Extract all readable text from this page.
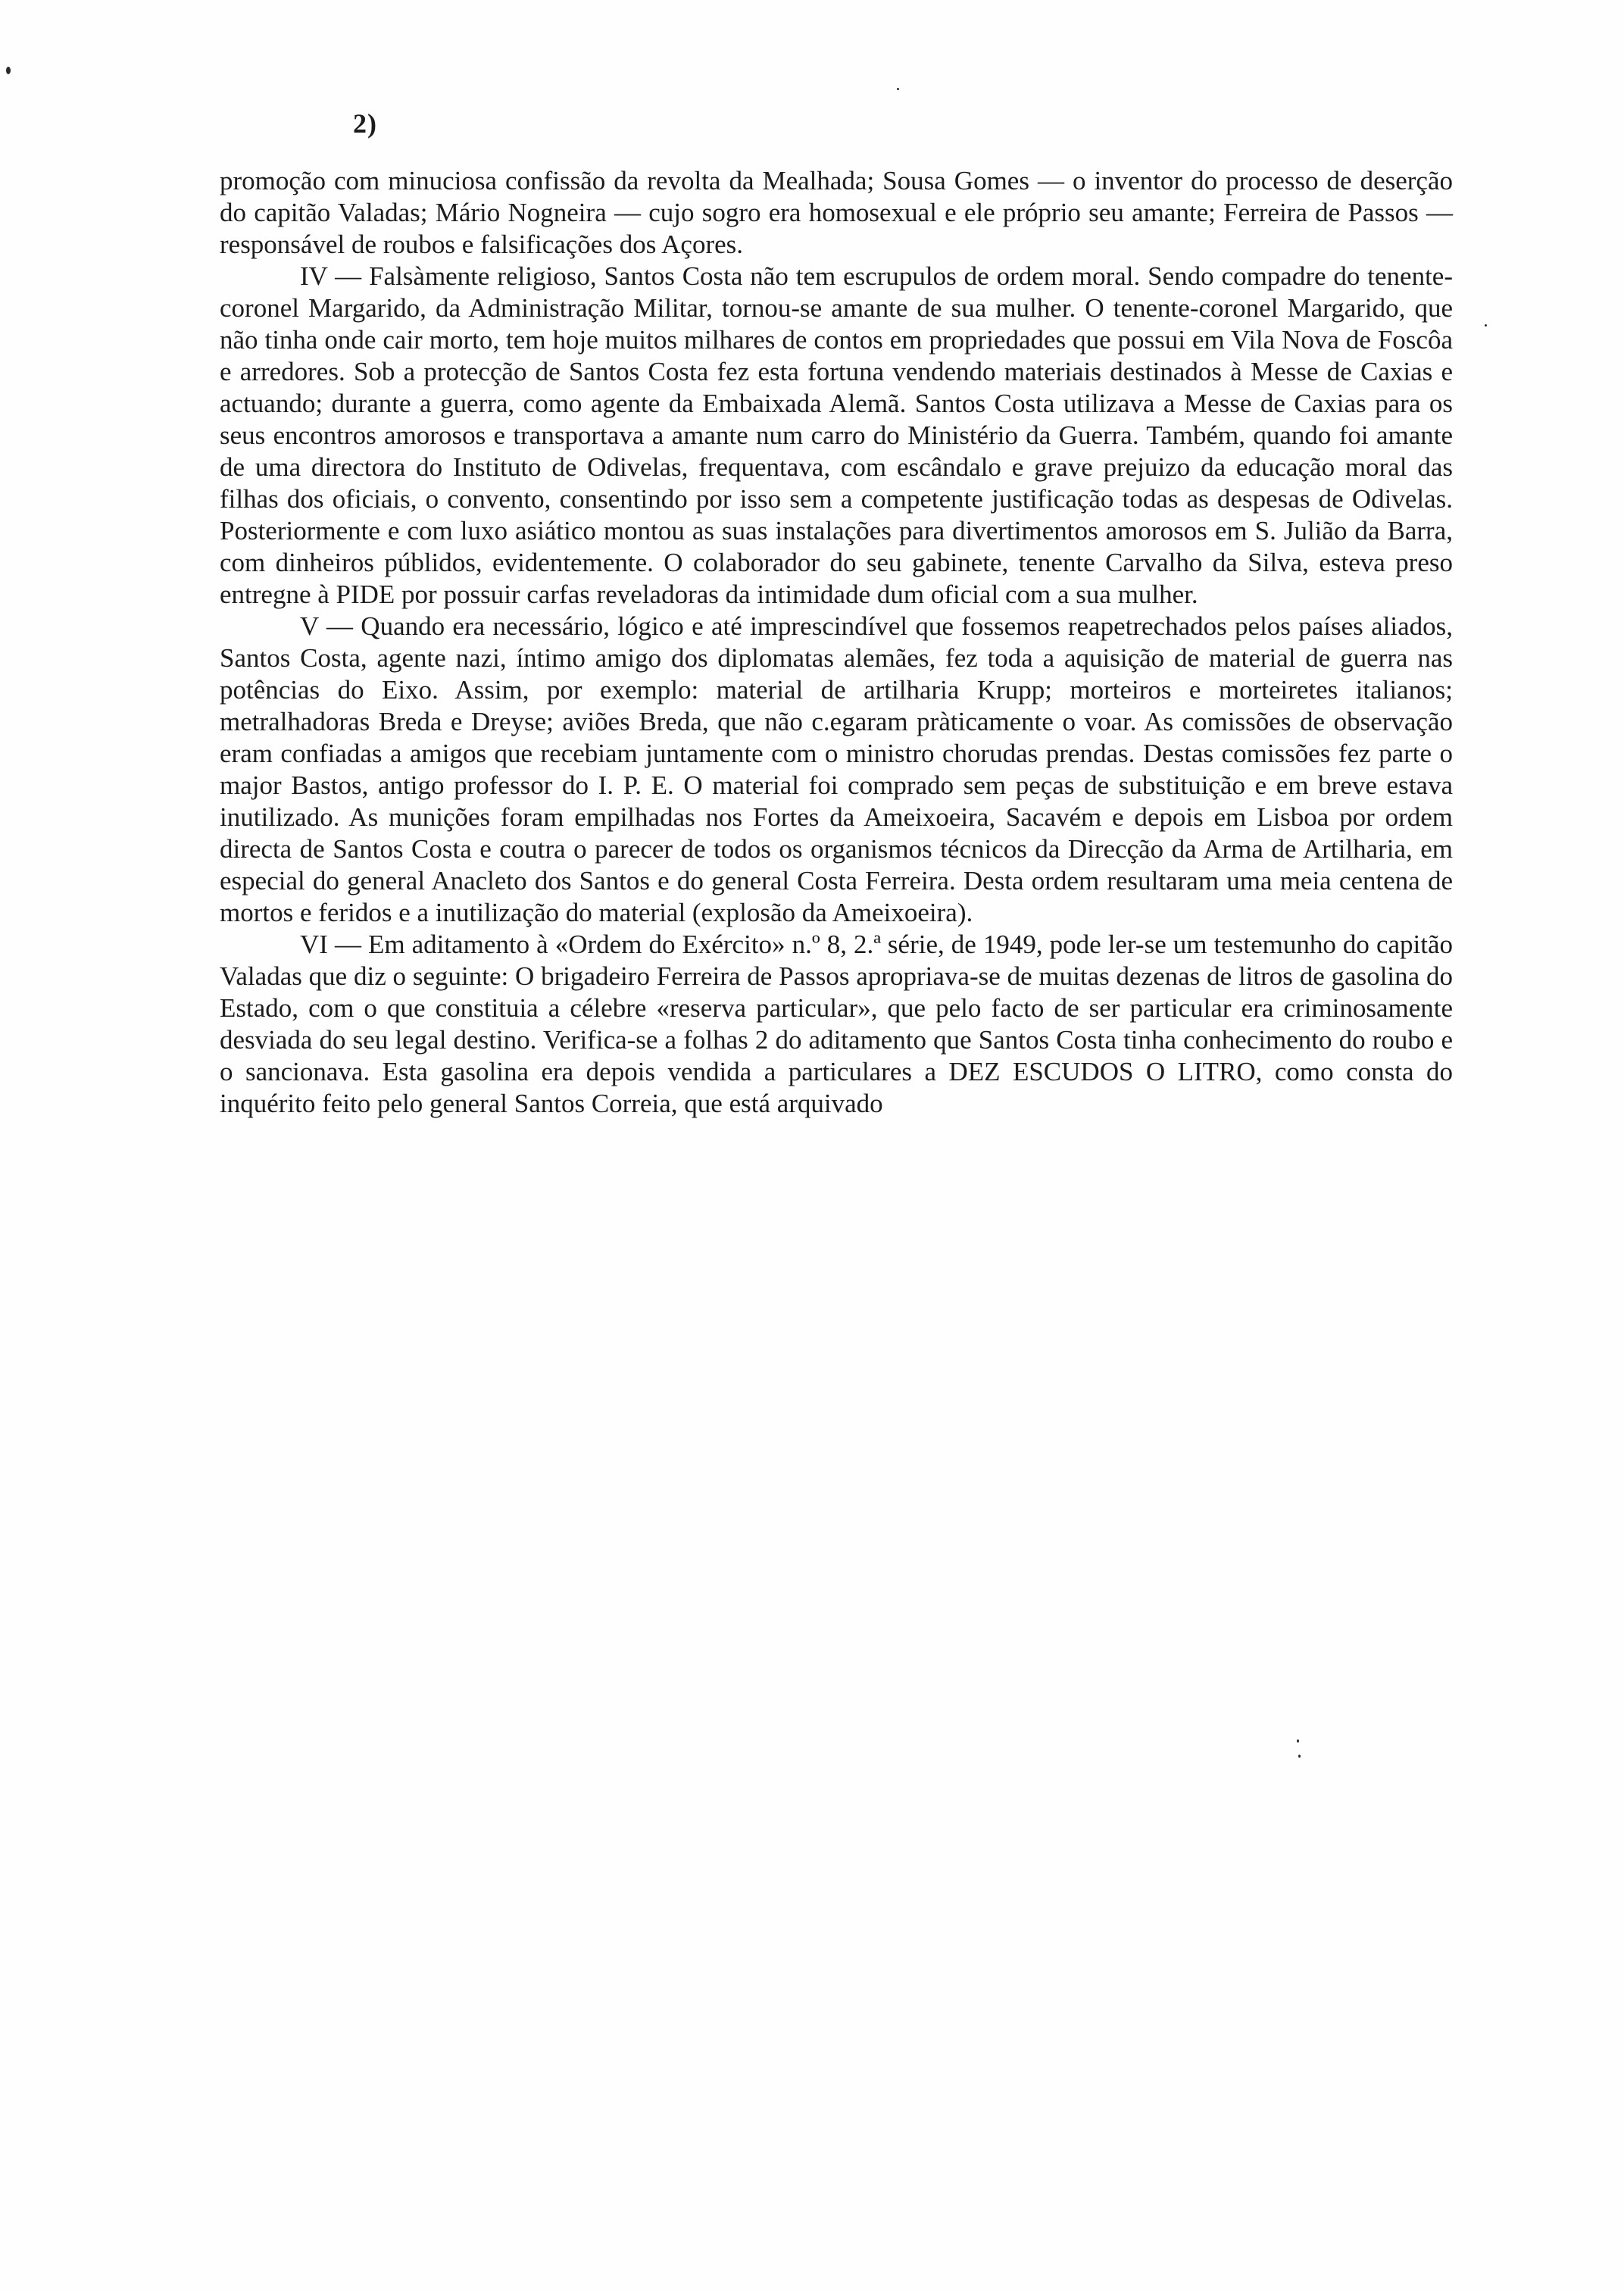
2)

promoção com minuciosa confissão da revolta da Mealhada; Sousa Gomes — o inventor do processo de deserção do capitão Valadas; Mário Nogneira — cujo sogro era homosexual e ele próprio seu amante; Ferreira de Passos — responsável de roubos e falsificações dos Açores.

IV — Falsàmente religioso, Santos Costa não tem escrupulos de ordem moral. Sendo compadre do tenente-coronel Margarido, da Administração Militar, tornou-se amante de sua mulher. O tenente-coronel Margarido, que não tinha onde cair morto, tem hoje muitos milhares de contos em propriedades que possui em Vila Nova de Foscôa e arredores. Sob a protecção de Santos Costa fez esta fortuna vendendo materiais destinados à Messe de Caxias e actuando; durante a guerra, como agente da Embaixada Alemã. Santos Costa utilizava a Messe de Caxias para os seus encontros amorosos e transportava a amante num carro do Ministério da Guerra. Também, quando foi amante de uma directora do Instituto de Odivelas, frequentava, com escândalo e grave prejuizo da educação moral das filhas dos oficiais, o convento, consentindo por isso sem a competente justificação todas as despesas de Odivelas. Posteriormente e com luxo asiático montou as suas instalações para divertimentos amorosos em S. Julião da Barra, com dinheiros públidos, evidentemente. O colaborador do seu gabinete, tenente Carvalho da Silva, esteva preso entregne à PIDE por possuir carfas reveladoras da intimidade dum oficial com a sua mulher.

V — Quando era necessário, lógico e até imprescindível que fossemos reapetrechados pelos países aliados, Santos Costa, agente nazi, íntimo amigo dos diplomatas alemães, fez toda a aquisição de material de guerra nas potências do Eixo. Assim, por exemplo: material de artilharia Krupp; morteiros e morteiretes italianos; metralhadoras Breda e Dreyse; aviões Breda, que não c.egaram pràticamente o voar. As comissões de observação eram confiadas a amigos que recebiam juntamente com o ministro chorudas prendas. Destas comissões fez parte o major Bastos, antigo professor do I. P. E. O material foi comprado sem peças de substituição e em breve estava inutilizado. As munições foram empilhadas nos Fortes da Ameixoeira, Sacavém e depois em Lisboa por ordem directa de Santos Costa e coutra o parecer de todos os organismos técnicos da Direcção da Arma de Artilharia, em especial do general Anacleto dos Santos e do general Costa Ferreira. Desta ordem resultaram uma meia centena de mortos e feridos e a inutilização do material (explosão da Ameixoeira).

VI — Em aditamento à «Ordem do Exército» n.º 8, 2.ª série, de 1949, pode ler-se um testemunho do capitão Valadas que diz o seguinte: O brigadeiro Ferreira de Passos apropriava-se de muitas dezenas de litros de gasolina do Estado, com o que constituia a célebre «reserva particular», que pelo facto de ser particular era criminosamente desviada do seu legal destino. Verifica-se a folhas 2 do aditamento que Santos Costa tinha conhecimento do roubo e o sancionava. Esta gasolina era depois vendida a particulares a DEZ ESCUDOS O LITRO, como consta do inquérito feito pelo general Santos Correia, que está arquivado
